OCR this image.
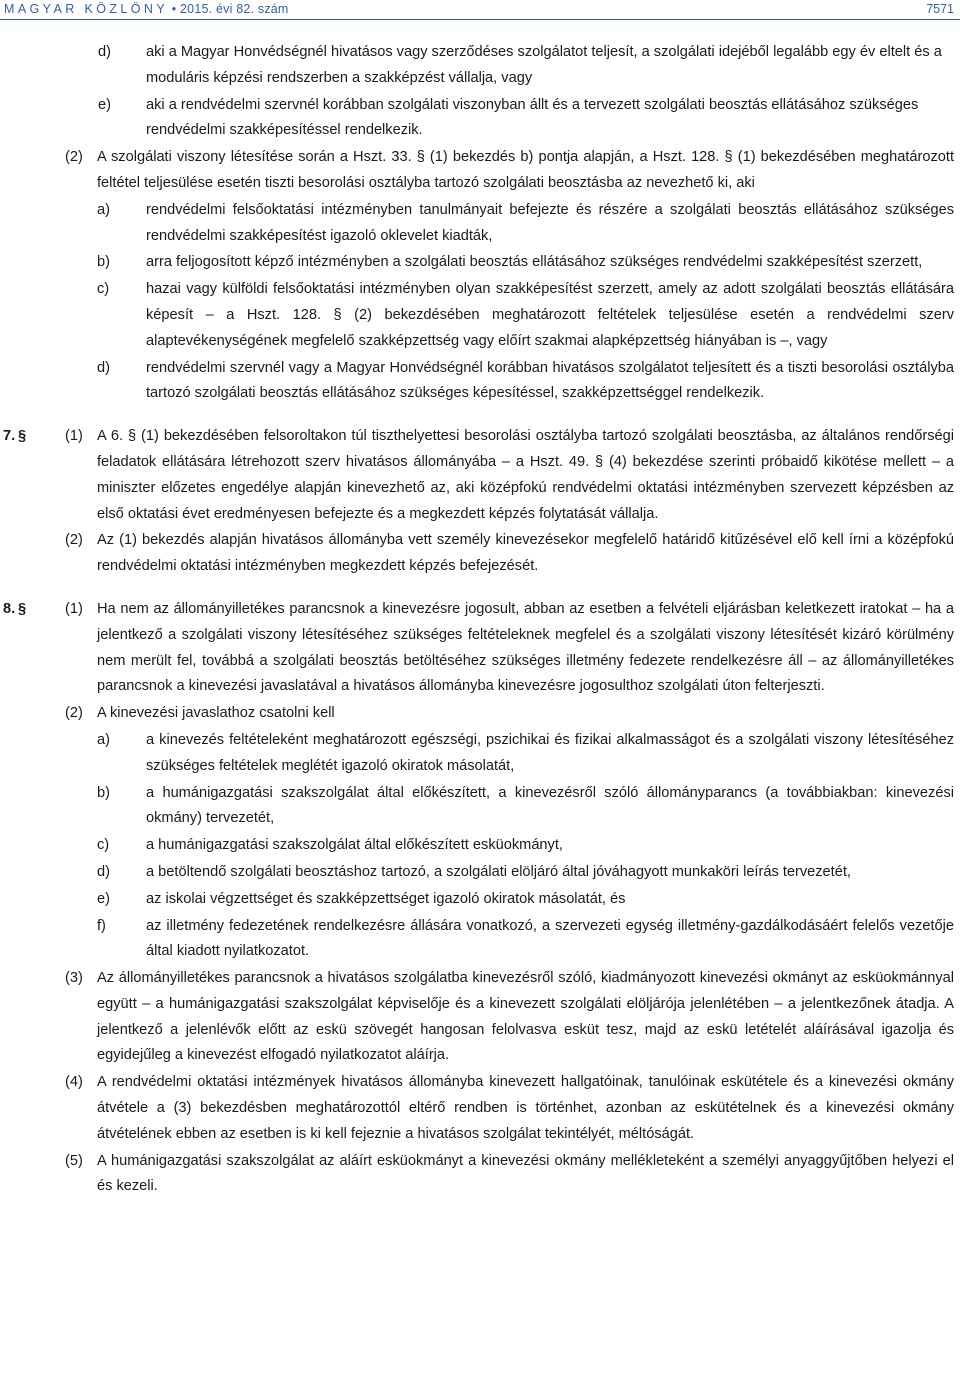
MAGYAR KÖZLÖNY • 2015. évi 82. szám	7571
d) aki a Magyar Honvédségnél hivatásos vagy szerződéses szolgálatot teljesít, a szolgálati idejéből legalább egy év eltelt és a moduláris képzési rendszerben a szakképzést vállalja, vagy
e) aki a rendvédelmi szervnél korábban szolgálati viszonyban állt és a tervezett szolgálati beosztás ellátásához szükséges rendvédelmi szakképesítéssel rendelkezik.
(2) A szolgálati viszony létesítése során a Hszt. 33. § (1) bekezdés b) pontja alapján, a Hszt. 128. § (1) bekezdésében meghatározott feltétel teljesülése esetén tiszti besorolási osztályba tartozó szolgálati beosztásba az nevezhető ki, aki
a) rendvédelmi felsőoktatási intézményben tanulmányait befejezte és részére a szolgálati beosztás ellátásához szükséges rendvédelmi szakképesítést igazoló oklevelet kiadták,
b) arra feljogosított képző intézményben a szolgálati beosztás ellátásához szükséges rendvédelmi szakképesítést szerzett,
c)	hazai vagy külföldi felsőoktatási intézményben olyan szakképesítést szerzett, amely az adott szolgálati beosztás ellátására képesít – a Hszt. 128. § (2) bekezdésében meghatározott feltételek teljesülése esetén a rendvédelmi szerv alaptevékenységének megfelelő szakképzettség vagy előírt szakmai alapképzettség hiányában is –, vagy
d) rendvédelmi szervnél vagy a Magyar Honvédségnél korábban hivatásos szolgálatot teljesített és a tiszti besorolási osztályba tartozó szolgálati beosztás ellátásához szükséges képesítéssel, szakképzettséggel rendelkezik.
7. §	(1) A 6. § (1) bekezdésében felsoroltakon túl tiszthelyettesi besorolási osztályba tartozó szolgálati beosztásba, az általános rendőrségi feladatok ellátására létrehozott szerv hivatásos állományába – a Hszt. 49. § (4) bekezdése szerinti próbaidő kikötése mellett – a miniszter előzetes engedélye alapján kinevezhető az, aki középfokú rendvédelmi oktatási intézményben szervezett képzésben az első oktatási évet eredményesen befejezte és a megkezdett képzés folytatását vállalja.
(2) Az (1) bekezdés alapján hivatásos állományba vett személy kinevezésekor megfelelő határidő kitűzésével elő kell írni a középfokú rendvédelmi oktatási intézményben megkezdett képzés befejezését.
8. §	(1) Ha nem az állományilletékes parancsnok a kinevezésre jogosult, abban az esetben a felvételi eljárásban keletkezett iratokat – ha a jelentkező a szolgálati viszony létesítéséhez szükséges feltételeknek megfelel és a szolgálati viszony létesítését kizáró körülmény nem merült fel, továbbá a szolgálati beosztás betöltéséhez szükséges illetmény fedezete rendelkezésre áll – az állományilletékes parancsnok a kinevezési javaslatával a hivatásos állományba kinevezésre jogosulthoz szolgálati úton felterjeszti.
(2) A kinevezési javaslathoz csatolni kell
a) a kinevezés feltételeként meghatározott egészségi, pszichikai és fizikai alkalmasságot és a szolgálati viszony létesítéséhez szükséges feltételek meglétét igazoló okiratok másolatát,
b) a humánigazgatási szakszolgálat által előkészített, a kinevezésről szóló állományparancs (a továbbiakban: kinevezési okmány) tervezetét,
c)	a humánigazgatási szakszolgálat által előkészített esküokmányt,
d) a betöltendő szolgálati beosztáshoz tartozó, a szolgálati elöljáró által jóváhagyott munkaköri leírás tervezetét,
e) az iskolai végzettséget és szakképzettséget igazoló okiratok másolatát, és
f)	az illetmény fedezetének rendelkezésre állására vonatkozó, a szervezeti egység illetmény-gazdálkodásáért felelős vezetője által kiadott nyilatkozatot.
(3) Az állományilletékes parancsnok a hivatásos szolgálatba kinevezésről szóló, kiadmányozott kinevezési okmányt az esküokmánnyal együtt – a humánigazgatási szakszolgálat képviselője és a kinevezett szolgálati elöljárója jelenlétében – a jelentkezőnek átadja. A jelentkező a jelenlévők előtt az eskü szövegét hangosan felolvasva esküt tesz, majd az eskü letételét aláírásával igazolja és egyidejűleg a kinevezést elfogadó nyilatkozatot aláírja.
(4) A rendvédelmi oktatási intézmények hivatásos állományba kinevezett hallgatóinak, tanulóinak eskütétele és a kinevezési okmány átvétele a (3) bekezdésben meghatározottól eltérő rendben is történhet, azonban az eskütételnek és a kinevezési okmány átvételének ebben az esetben is ki kell fejeznie a hivatásos szolgálat tekintélyét, méltóságát.
(5) A humánigazgatási szakszolgálat az aláírt esküokmányt a kinevezési okmány mellékleteként a személyi anyaggyűjtőben helyezi el és kezeli.
